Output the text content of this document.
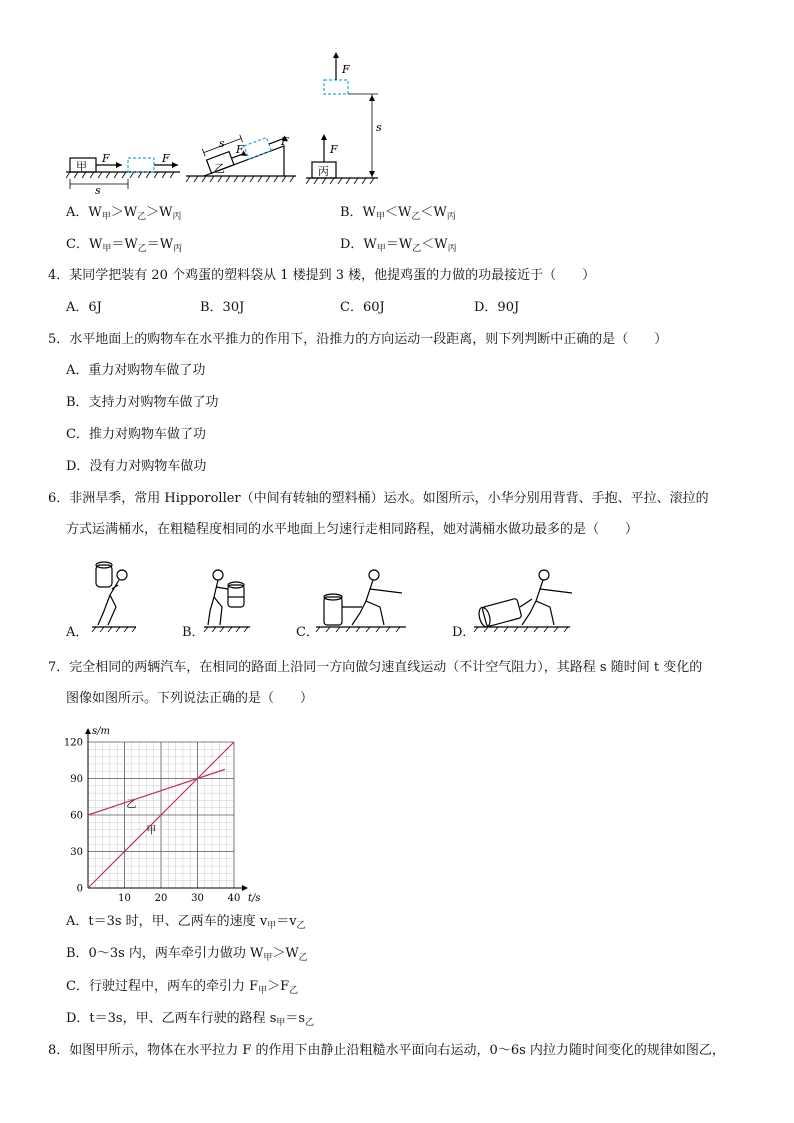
甲
F	F
s
乙
F
F
s
丙
F
F
s
A．$W_甲>W_乙>W_丙$	B．$W_甲<W_乙<W_丙$
C．$W_甲=W_乙=W_丙$	D．$W_甲=W_乙<W_丙$
4．某同学把装有 20 个鸡蛋的塑料袋从 1 楼提到 3 楼，他提鸡蛋的力做的功最接近于（　　）
A．6J	B．30J	C．60J	D．90J
5．水平地面上的购物车在水平推力的作用下，沿推力的方向运动一段距离，则下列判断中正确的是（　　）
A．重力对购物车做了功
B．支持力对购物车做了功
C．推力对购物车做了功
D．没有力对购物车做功
6．非洲旱季，常用 Hipporoller（中间有转轴的塑料桶）运水。如图所示，小华分别用背背、手抱、平拉、滚拉的
方式运满桶水，在粗糙程度相同的水平地面上匀速行走相同路程，她对满桶水做功最多的是（　　）
A．	B．	C．	D．
7．完全相同的两辆汽车，在相同的路面上沿同一方向做匀速直线运动（不计空气阻力），其路程 s 随时间 t 变化的
图像如图所示。下列说法正确的是（　　）
0
30
60
90
120
10 20 30 40
s/m
t/s
乙
甲
A．t＝3s 时，甲、乙两车的速度 $v_甲=v_乙$
B．0～3s 内，两车牵引力做功 $W_甲>W_乙$
C．行驶过程中，两车的牵引力 $F_甲>F_乙$
D．t＝3s，甲、乙两车行驶的路程 $s_甲=s_乙$
8．如图甲所示，物体在水平拉力 F 的作用下由静止沿粗糙水平面向右运动，0～6s 内拉力随时间变化的规律如图乙，
